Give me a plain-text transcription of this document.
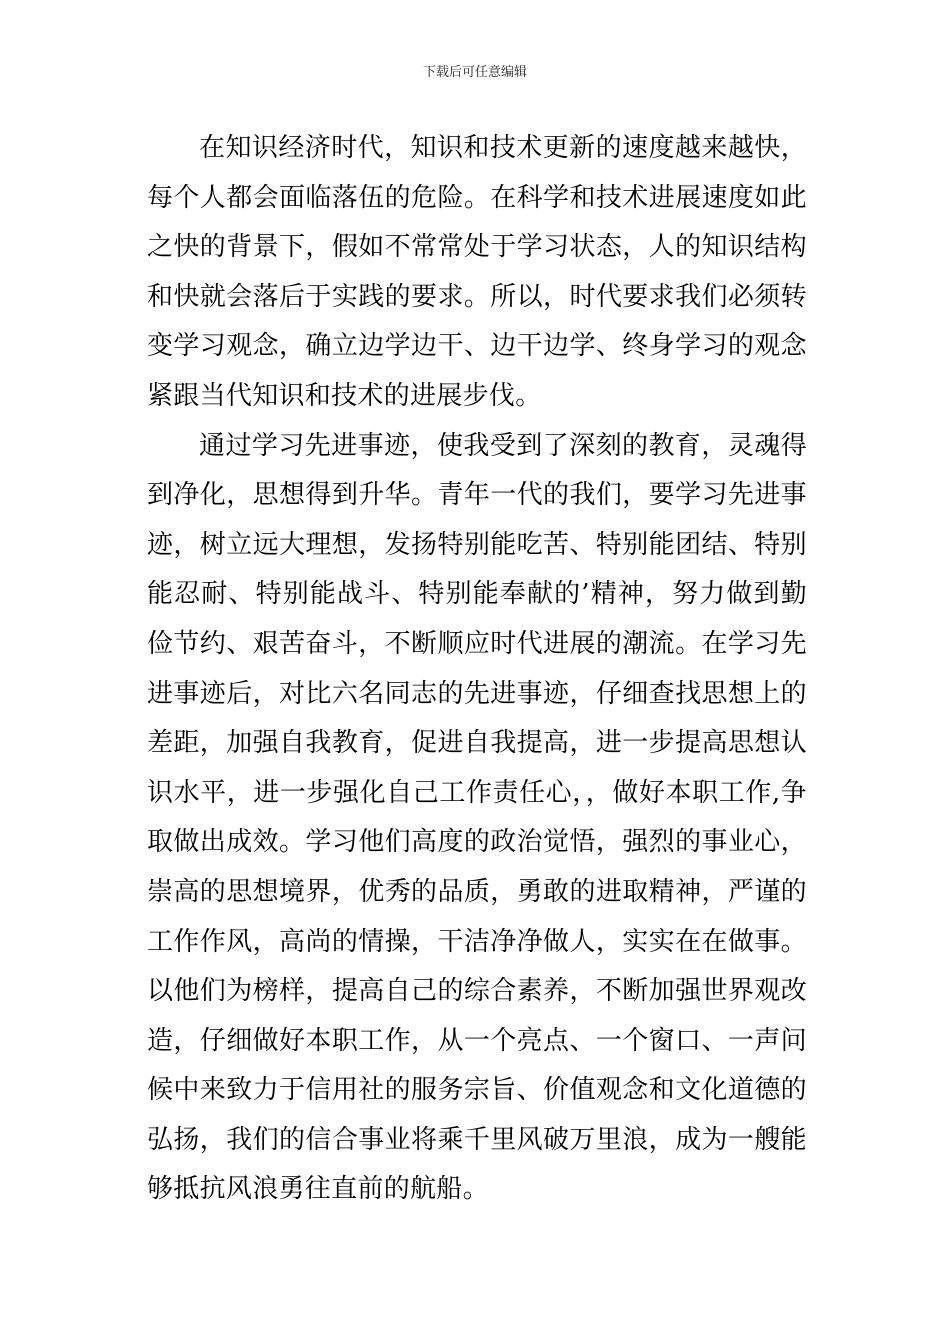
下载后可任意编辑

在知识经济时代，知识和技术更新的速度越来越快，每个人都会面临落伍的危险。在科学和技术进展速度如此之快的背景下，假如不常常处于学习状态，人的知识结构和快就会落后于实践的要求。所以，时代要求我们必须转变学习观念，确立边学边干、边干边学、终身学习的观念紧跟当代知识和技术的进展步伐。

通过学习先进事迹，使我受到了深刻的教育，灵魂得到净化，思想得到升华。青年一代的我们，要学习先进事迹，树立远大理想，发扬特别能吃苦、特别能团结、特别能忍耐、特别能战斗、特别能奉献的’精神，努力做到勤俭节约、艰苦奋斗，不断顺应时代进展的潮流。在学习先进事迹后，对比六名同志的先进事迹，仔细查找思想上的差距，加强自我教育，促进自我提高，进一步提高思想认识水平，进一步强化自己工作责任心，，做好本职工作,争取做出成效。学习他们高度的政治觉悟，强烈的事业心，崇高的思想境界，优秀的品质，勇敢的进取精神，严谨的工作作风，高尚的情操，干洁净净做人，实实在在做事。以他们为榜样，提高自己的综合素养，不断加强世界观改造，仔细做好本职工作，从一个亮点、一个窗口、一声问候中来致力于信用社的服务宗旨、价值观念和文化道德的弘扬，我们的信合事业将乘千里风破万里浪，成为一艘能够抵抗风浪勇往直前的航船。
